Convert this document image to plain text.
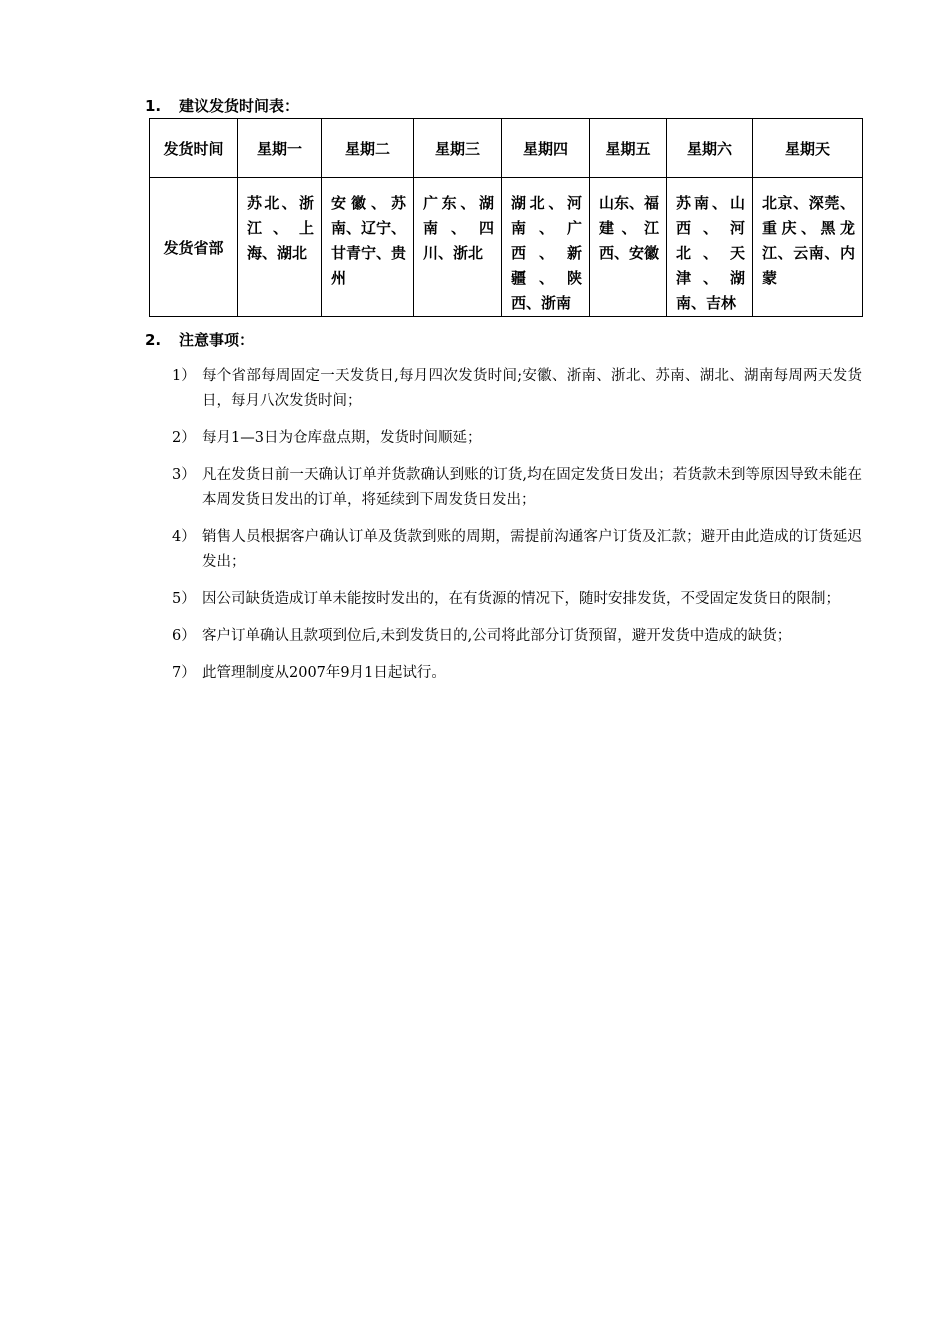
1. 建议发货时间表：
发货时间	星期一	星期二	星期三	星期四	星期五	星期六	星期天
发货省部	苏北、浙江、上海、湖北	安徽、苏南、辽宁、甘青宁、贵州	广东、湖南、四川、浙北	湖北、河南、广西、新疆、陕西、浙南	山东、福建、江西、安徽	苏南、山西、河北、天津、湖南、吉林	北京、深莞、重庆、黑龙江、云南、内蒙
2. 注意事项：
1） 每个省部每周固定一天发货日,每月四次发货时间;安徽、浙南、浙北、苏南、湖北、湖南每周两天发货日，每月八次发货时间；
2） 每月1—3日为仓库盘点期，发货时间顺延；
3） 凡在发货日前一天确认订单并货款确认到账的订货,均在固定发货日发出；若货款未到等原因导致未能在本周发货日发出的订单，将延续到下周发货日发出；
4） 销售人员根据客户确认订单及货款到账的周期，需提前沟通客户订货及汇款；避开由此造成的订货延迟发出；
5） 因公司缺货造成订单未能按时发出的，在有货源的情况下，随时安排发货，不受固定发货日的限制；
6） 客户订单确认且款项到位后,未到发货日的,公司将此部分订货预留，避开发货中造成的缺货；
7） 此管理制度从2007年9月1日起试行。
